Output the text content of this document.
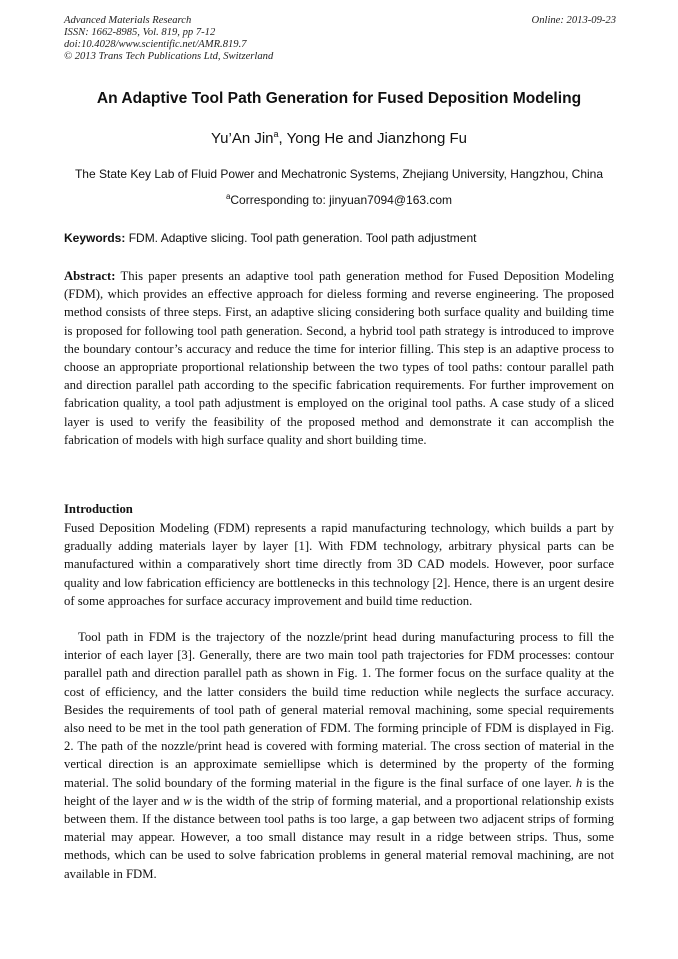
Advanced Materials Research
ISSN: 1662-8985, Vol. 819, pp 7-12
doi:10.4028/www.scientific.net/AMR.819.7
© 2013 Trans Tech Publications Ltd, Switzerland
Online: 2013-09-23
An Adaptive Tool Path Generation for Fused Deposition Modeling
Yu’An Jin$^a$, Yong He and Jianzhong Fu
The State Key Lab of Fluid Power and Mechatronic Systems, Zhejiang University, Hangzhou, China
$^a$Corresponding to: jinyuan7094@163.com
Keywords: FDM. Adaptive slicing. Tool path generation. Tool path adjustment
Abstract: This paper presents an adaptive tool path generation method for Fused Deposition Modeling (FDM), which provides an effective approach for dieless forming and reverse engineering. The proposed method consists of three steps. First, an adaptive slicing considering both surface quality and building time is proposed for following tool path generation. Second, a hybrid tool path strategy is introduced to improve the boundary contour’s accuracy and reduce the time for interior filling. This step is an adaptive process to choose an appropriate proportional relationship between the two types of tool paths: contour parallel path and direction parallel path according to the specific fabrication requirements. For further improvement on fabrication quality, a tool path adjustment is employed on the original tool paths. A case study of a sliced layer is used to verify the feasibility of the proposed method and demonstrate it can accomplish the fabrication of models with high surface quality and short building time.
Introduction
Fused Deposition Modeling (FDM) represents a rapid manufacturing technology, which builds a part by gradually adding materials layer by layer [1]. With FDM technology, arbitrary physical parts can be manufactured within a comparatively short time directly from 3D CAD models. However, poor surface quality and low fabrication efficiency are bottlenecks in this technology [2]. Hence, there is an urgent desire of some approaches for surface accuracy improvement and build time reduction.
Tool path in FDM is the trajectory of the nozzle/print head during manufacturing process to fill the interior of each layer [3]. Generally, there are two main tool path trajectories for FDM processes: contour parallel path and direction parallel path as shown in Fig. 1. The former focus on the surface quality at the cost of efficiency, and the latter considers the build time reduction while neglects the surface accuracy. Besides the requirements of tool path of general material removal machining, some special requirements also need to be met in the tool path generation of FDM. The forming principle of FDM is displayed in Fig. 2. The path of the nozzle/print head is covered with forming material. The cross section of material in the vertical direction is an approximate semiellipse which is determined by the property of the forming material. The solid boundary of the forming material in the figure is the final surface of one layer. h is the height of the layer and w is the width of the strip of forming material, and a proportional relationship exists between them. If the distance between tool paths is too large, a gap between two adjacent strips of forming material may appear. However, a too small distance may result in a ridge between strips. Thus, some methods, which can be used to solve fabrication problems in general material removal machining, are not available in FDM.
